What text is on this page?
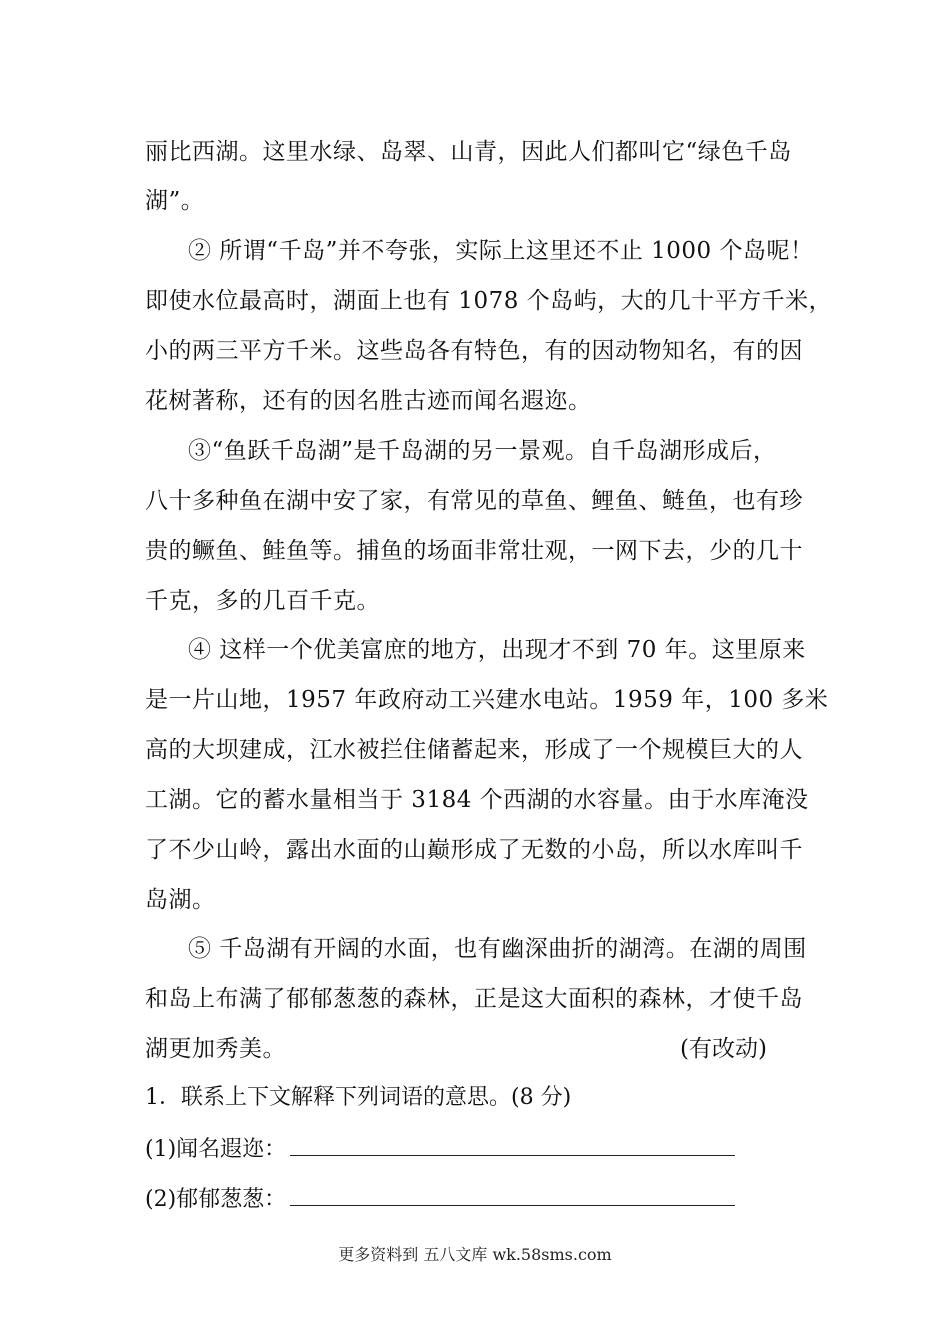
丽比西湖。这里水绿、岛翠、山青，因此人们都叫它“绿色千岛
湖”。
② 所谓“千岛”并不夸张，实际上这里还不止 1000 个岛呢！
即使水位最高时，湖面上也有 1078 个岛屿，大的几十平方千米，
小的两三平方千米。这些岛各有特色，有的因动物知名，有的因
花树著称，还有的因名胜古迹而闻名遐迩。
③“鱼跃千岛湖”是千岛湖的另一景观。自千岛湖形成后，
八十多种鱼在湖中安了家，有常见的草鱼、鲤鱼、鲢鱼，也有珍
贵的鳜鱼、鲑鱼等。捕鱼的场面非常壮观，一网下去，少的几十
千克，多的几百千克。
④ 这样一个优美富庶的地方，出现才不到 70 年。这里原来
是一片山地，1957 年政府动工兴建水电站。1959 年，100 多米
高的大坝建成，江水被拦住储蓄起来，形成了一个规模巨大的人
工湖。它的蓄水量相当于 3184 个西湖的水容量。由于水库淹没
了不少山岭，露出水面的山巅形成了无数的小岛，所以水库叫千
岛湖。
⑤ 千岛湖有开阔的水面，也有幽深曲折的湖湾。在湖的周围
和岛上布满了郁郁葱葱的森林，正是这大面积的森林，才使千岛
湖更加秀美。	(有改动)
1．联系上下文解释下列词语的意思。(8 分)
(1)闻名遐迩：
(2)郁郁葱葱：
更多资料到 五八文库 wk.58sms.com
